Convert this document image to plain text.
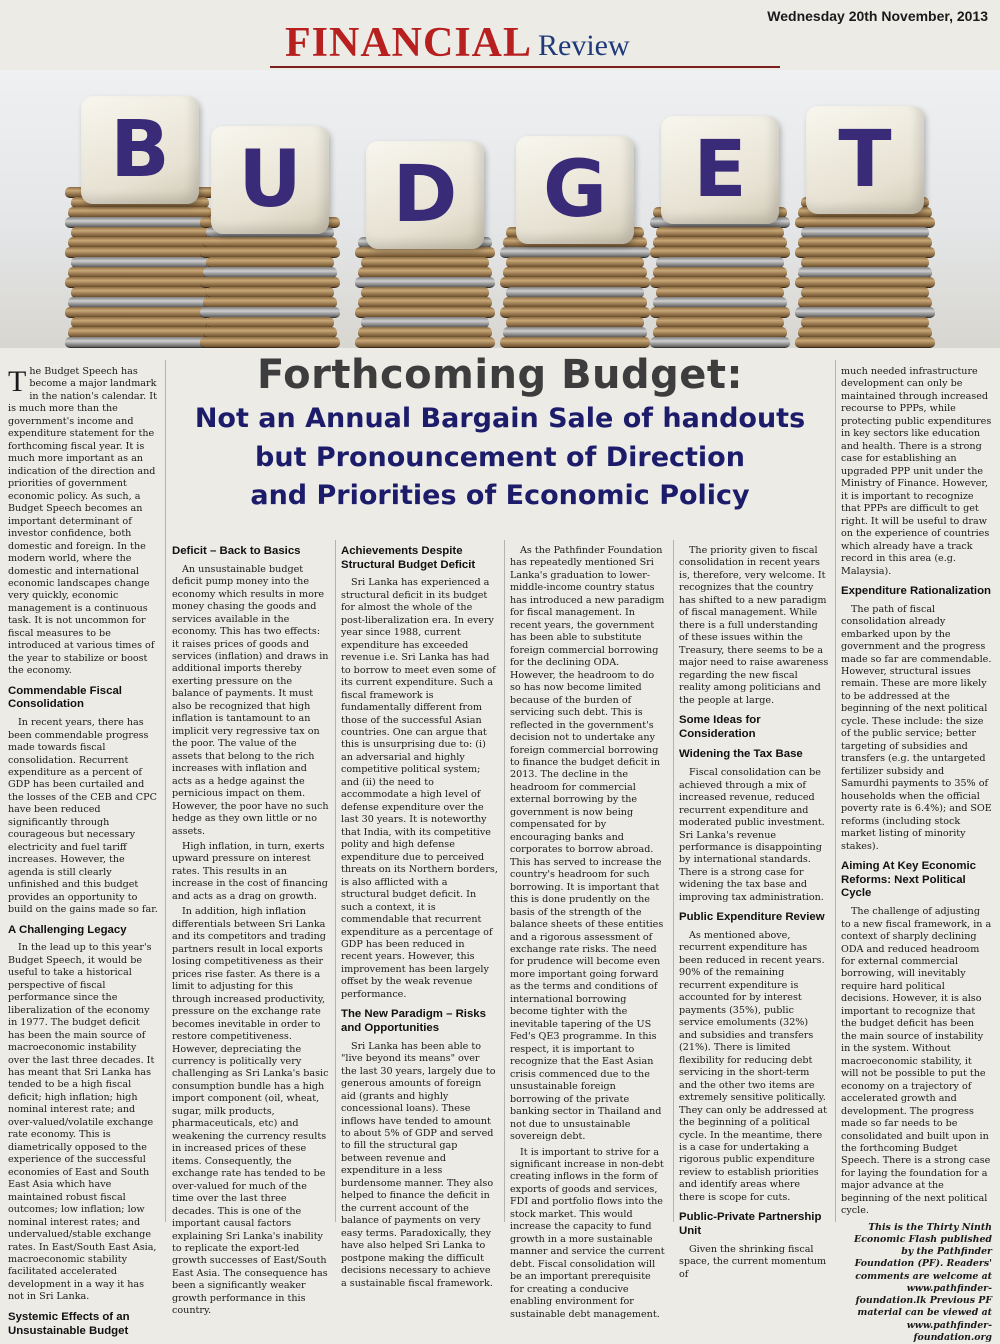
Wednesday 20th November, 2013
FINANCIAL Review
B U	D	G	E	T
Forthcoming Budget:
Not an Annual Bargain Sale of handouts
but Pronouncement of Direction
and Priorities of Economic Policy

The Budget Speech has become a major landmark in the nation's calendar. It is much more than the government's income and expenditure statement for the forthcoming fiscal year. It is much more important as an indication of the direction and priorities of government economic policy. As such, a Budget Speech becomes an important determinant of investor confidence, both domestic and foreign. In the modern world, where the domestic and international economic landscapes change very quickly, economic management is a continuous task. It is not uncommon for fiscal measures to be introduced at various times of the year to stabilize or boost the economy.

Commendable Fiscal Consolidation

In recent years, there has been commendable progress made towards fiscal consolidation. Recurrent expenditure as a percent of GDP has been curtailed and the losses of the CEB and CPC have been reduced significantly through courageous but necessary electricity and fuel tariff increases. However, the agenda is still clearly unfinished and this budget provides an opportunity to build on the gains made so far.

A Challenging Legacy

In the lead up to this year's Budget Speech, it would be useful to take a historical perspective of fiscal performance since the liberalization of the economy in 1977. The budget deficit has been the main source of macroeconomic instability over the last three decades. It has meant that Sri Lanka has tended to be a high fiscal deficit; high inflation; high nominal interest rate; and over-valued/volatile exchange rate economy. This is diametrically opposed to the experience of the successful economies of East and South East Asia which have maintained robust fiscal outcomes; low inflation; low nominal interest rates; and undervalued/stable exchange rates. In East/South East Asia, macroeconomic stability facilitated accelerated development in a way it has not in Sri Lanka.

Systemic Effects of an Unsustainable Budget
Deficit – Back to Basics

An unsustainable budget deficit pump money into the economy which results in more money chasing the goods and services available in the economy. This has two effects: it raises prices of goods and services (inflation) and draws in additional imports thereby exerting pressure on the balance of payments. It must also be recognized that high inflation is tantamount to an implicit very regressive tax on the poor. The value of the assets that belong to the rich increases with inflation and acts as a hedge against the pernicious impact on them. However, the poor have no such hedge as they own little or no assets.

High inflation, in turn, exerts upward pressure on interest rates. This results in an increase in the cost of financing and acts as a drag on growth.

In addition, high inflation differentials between Sri Lanka and its competitors and trading partners result in local exports losing competitiveness as their prices rise faster. As there is a limit to adjusting for this through increased productivity, pressure on the exchange rate becomes inevitable in order to restore competitiveness. However, depreciating the currency is politically very challenging as Sri Lanka's basic consumption bundle has a high import component (oil, wheat, sugar, milk products, pharmaceuticals, etc) and weakening the currency results in increased prices of these items. Consequently, the exchange rate has tended to be over-valued for much of the time over the last three decades. This is one of the important causal factors explaining Sri Lanka's inability to replicate the export-led growth successes of East/South East Asia. The consequence has been a significantly weaker growth performance in this country.

Achievements Despite Structural Budget Deficit

Sri Lanka has experienced a structural deficit in its budget for almost the whole of the post-liberalization era. In every year since 1988, current expenditure has exceeded revenue i.e. Sri Lanka has had to borrow to meet even some of its current expenditure. Such a fiscal framework is fundamentally different from those of the successful Asian countries. One can argue that this is unsurprising due to: (i) an adversarial and highly competitive political system; and (ii) the need to accommodate a high level of defense expenditure over the last 30 years. It is noteworthy that India, with its competitive polity and high defense expenditure due to perceived threats on its Northern borders, is also afflicted with a structural budget deficit. In such a context, it is commendable that recurrent expenditure as a percentage of GDP has been reduced in recent years. However, this improvement has been largely offset by the weak revenue performance.

The New Paradigm – Risks and Opportunities

Sri Lanka has been able to "live beyond its means" over the last 30 years, largely due to generous amounts of foreign aid (grants and highly concessional loans). These inflows have tended to amount to about 5% of GDP and served to fill the structural gap between revenue and expenditure in a less burdensome manner. They also helped to finance the deficit in the current account of the balance of payments on very easy terms. Paradoxically, they have also helped Sri Lanka to postpone making the difficult decisions necessary to achieve a sustainable fiscal framework.

As the Pathfinder Foundation has repeatedly mentioned Sri Lanka's graduation to lower-middle-income country status has introduced a new paradigm for fiscal management. In recent years, the government has been able to substitute foreign commercial borrowing for the declining ODA. However, the headroom to do so has now become limited because of the burden of servicing such debt. This is reflected in the government's decision not to undertake any foreign commercial borrowing to finance the budget deficit in 2013. The decline in the headroom for commercial external borrowing by the government is now being compensated for by encouraging banks and corporates to borrow abroad. This has served to increase the country's headroom for such borrowing. It is important that this is done prudently on the basis of the strength of the balance sheets of these entities and a rigorous assessment of exchange rate risks. The need for prudence will become even more important going forward as the terms and conditions of international borrowing become tighter with the inevitable tapering of the US Fed's QE3 programme. In this respect, it is important to recognize that the East Asian crisis commenced due to the unsustainable foreign borrowing of the private banking sector in Thailand and not due to unsustainable sovereign debt.

It is important to strive for a significant increase in non-debt creating inflows in the form of exports of goods and services, FDI and portfolio flows into the stock market. This would increase the capacity to fund growth in a more sustainable manner and service the current debt. Fiscal consolidation will be an important prerequisite for creating a conducive enabling environment for sustainable debt management.

The priority given to fiscal consolidation in recent years is, therefore, very welcome. It recognizes that the country has shifted to a new paradigm of fiscal management. While there is a full understanding of these issues within the Treasury, there seems to be a major need to raise awareness regarding the new fiscal reality among politicians and the people at large.

Some Ideas for Consideration
Widening the Tax Base

Fiscal consolidation can be achieved through a mix of increased revenue, reduced recurrent expenditure and moderated public investment. Sri Lanka's revenue performance is disappointing by international standards. There is a strong case for widening the tax base and improving tax administration.

Public Expenditure Review

As mentioned above, recurrent expenditure has been reduced in recent years. 90% of the remaining recurrent expenditure is accounted for by interest payments (35%), public service emoluments (32%) and subsidies and transfers (21%). There is limited flexibility for reducing debt servicing in the short-term and the other two items are extremely sensitive politically. They can only be addressed at the beginning of a political cycle. In the meantime, there is a case for undertaking a rigorous public expenditure review to establish priorities and identify areas where there is scope for cuts.

Public-Private Partnership Unit

Given the shrinking fiscal space, the current momentum of

much needed infrastructure development can only be maintained through increased recourse to PPPs, while protecting public expenditures in key sectors like education and health. There is a strong case for establishing an upgraded PPP unit under the Ministry of Finance. However, it is important to recognize that PPPs are difficult to get right. It will be useful to draw on the experience of countries which already have a track record in this area (e.g. Malaysia).

Expenditure Rationalization

The path of fiscal consolidation already embarked upon by the government and the progress made so far are commendable. However, structural issues remain. These are more likely to be addressed at the beginning of the next political cycle. These include: the size of the public service; better targeting of subsidies and transfers (e.g. the untargeted fertilizer subsidy and Samurdhi payments to 35% of households when the official poverty rate is 6.4%); and SOE reforms (including stock market listing of minority stakes).

Aiming At Key Economic Reforms: Next Political Cycle

The challenge of adjusting to a new fiscal framework, in a context of sharply declining ODA and reduced headroom for external commercial borrowing, will inevitably require hard political decisions. However, it is also important to recognize that the budget deficit has been the main source of instability in the system. Without macroeconomic stability, it will not be possible to put the economy on a trajectory of accelerated growth and development. The progress made so far needs to be consolidated and built upon in the forthcoming Budget Speech. There is a strong case for laying the foundation for a major advance at the beginning of the next political cycle.

This is the Thirty Ninth Economic Flash published by the Pathfinder Foundation (PF). Readers' comments are welcome at www.pathfinder-foundation.lk Previous PF material can be viewed at www.pathfinder-foundation.org
